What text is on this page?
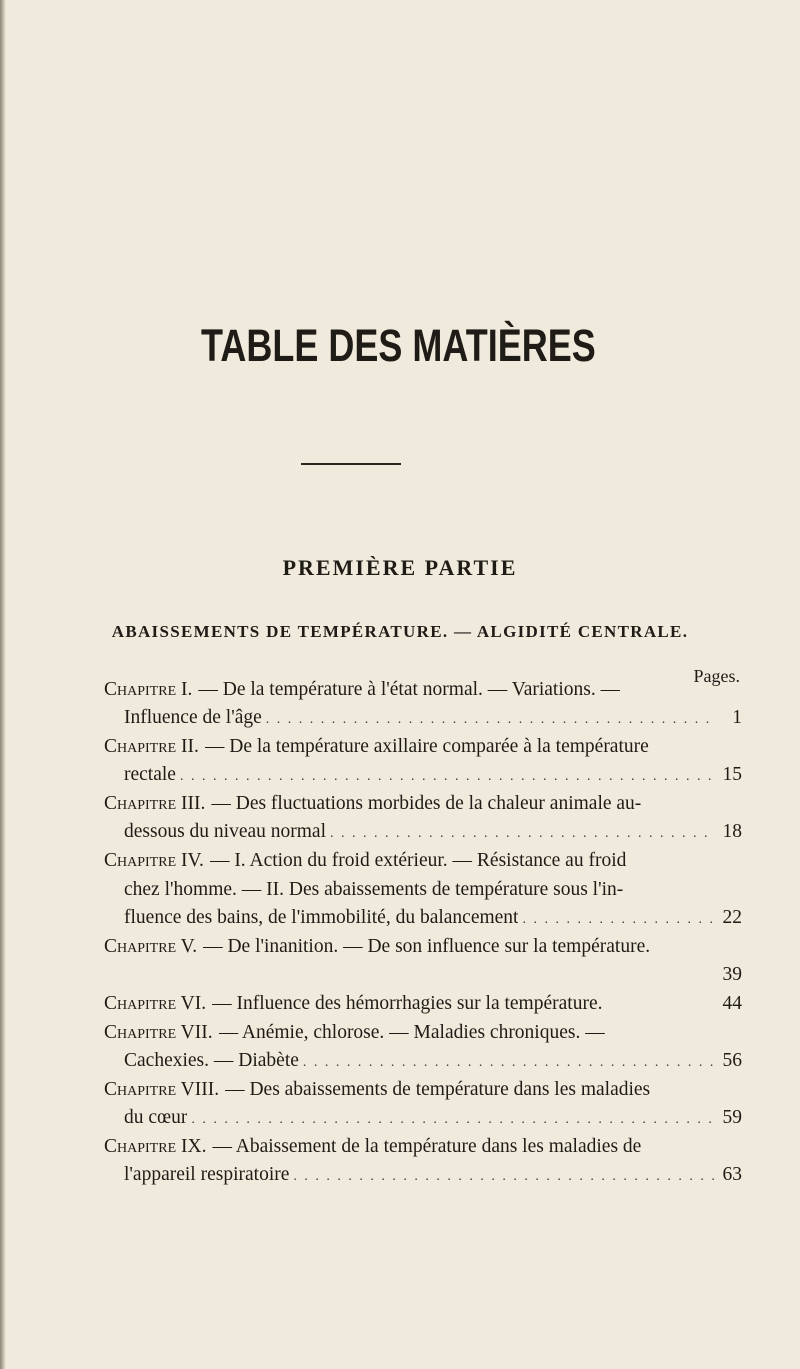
TABLE DES MATIÈRES
PREMIÈRE PARTIE
ABAISSEMENTS DE TEMPÉRATURE. — ALGIDITÉ CENTRALE.
Pages.
Chapitre I. — De la température à l'état normal. — Variations. —
Influence de l'âge . . .	1
Chapitre II. — De la température axillaire comparée à la température
rectale . . .	15
Chapitre III. — Des fluctuations morbides de la chaleur animale au-
dessous du niveau normal . . .	18
Chapitre IV. — I. Action du froid extérieur. — Résistance au froid
chez l'homme. — II. Des abaissements de température sous l'in-
fluence des bains, de l'immobilité, du balancement . . .	22
Chapitre V. — De l'inanition. — De son influence sur la température.
39
Chapitre VI. — Influence des hémorrhagies sur la température.	44
Chapitre VII. — Anémie, chlorose. — Maladies chroniques. —
Cachexies. — Diabète . . .	56
Chapitre VIII. — Des abaissements de température dans les maladies
du cœur . . .	59
Chapitre IX. — Abaissement de la température dans les maladies de
l'appareil respiratoire . . .	63
